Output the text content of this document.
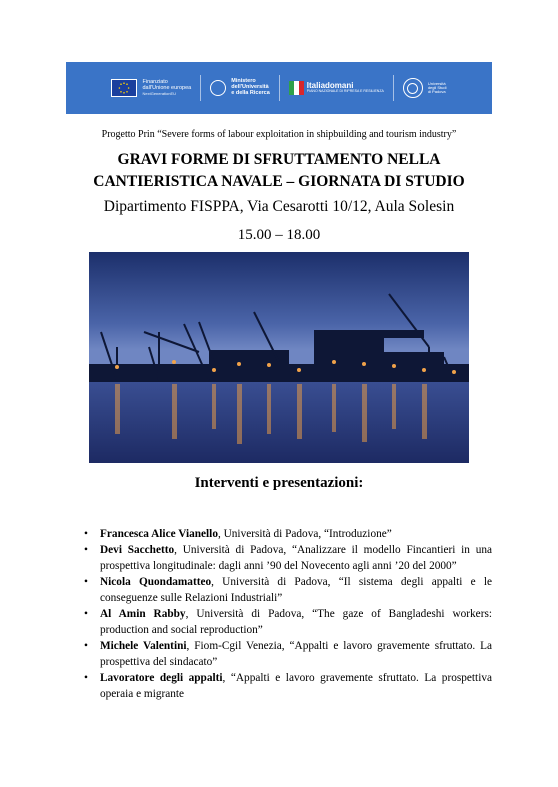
Finanziato
dall'Unione europea
NextGenerationEU
Ministero
dell'Università
e della Ricerca
Italiadomani
PIANO NAZIONALE DI RIPRESA E RESILIENZA
Università
degli Studi
di Padova
Progetto Prin “Severe forms of labour exploitation in shipbuilding and tourism industry”
GRAVI FORME DI SFRUTTAMENTO NELLA
CANTIERISTICA NAVALE – GIORNATA DI STUDIO
Dipartimento FISPPA, Via Cesarotti 10/12, Aula Solesin
15.00 – 18.00
Interventi e presentazioni:
• Francesca Alice Vianello, Università di Padova, “Introduzione”
• Devi Sacchetto, Università di Padova, “Analizzare il modello Fincantieri in una prospettiva longitudinale: dagli anni ’90 del Novecento agli anni ’20 del 2000”
• Nicola Quondamatteo, Università di Padova, “Il sistema degli appalti e le conseguenze sulle Relazioni Industriali”
• Al Amin Rabby, Università di Padova, “The gaze of Bangladeshi workers: production and social reproduction”
• Michele Valentini, Fiom-Cgil Venezia, “Appalti e lavoro gravemente sfruttato. La prospettiva del sindacato”
• Lavoratore degli appalti, “Appalti e lavoro gravemente sfruttato. La prospettiva operaia e migrante
